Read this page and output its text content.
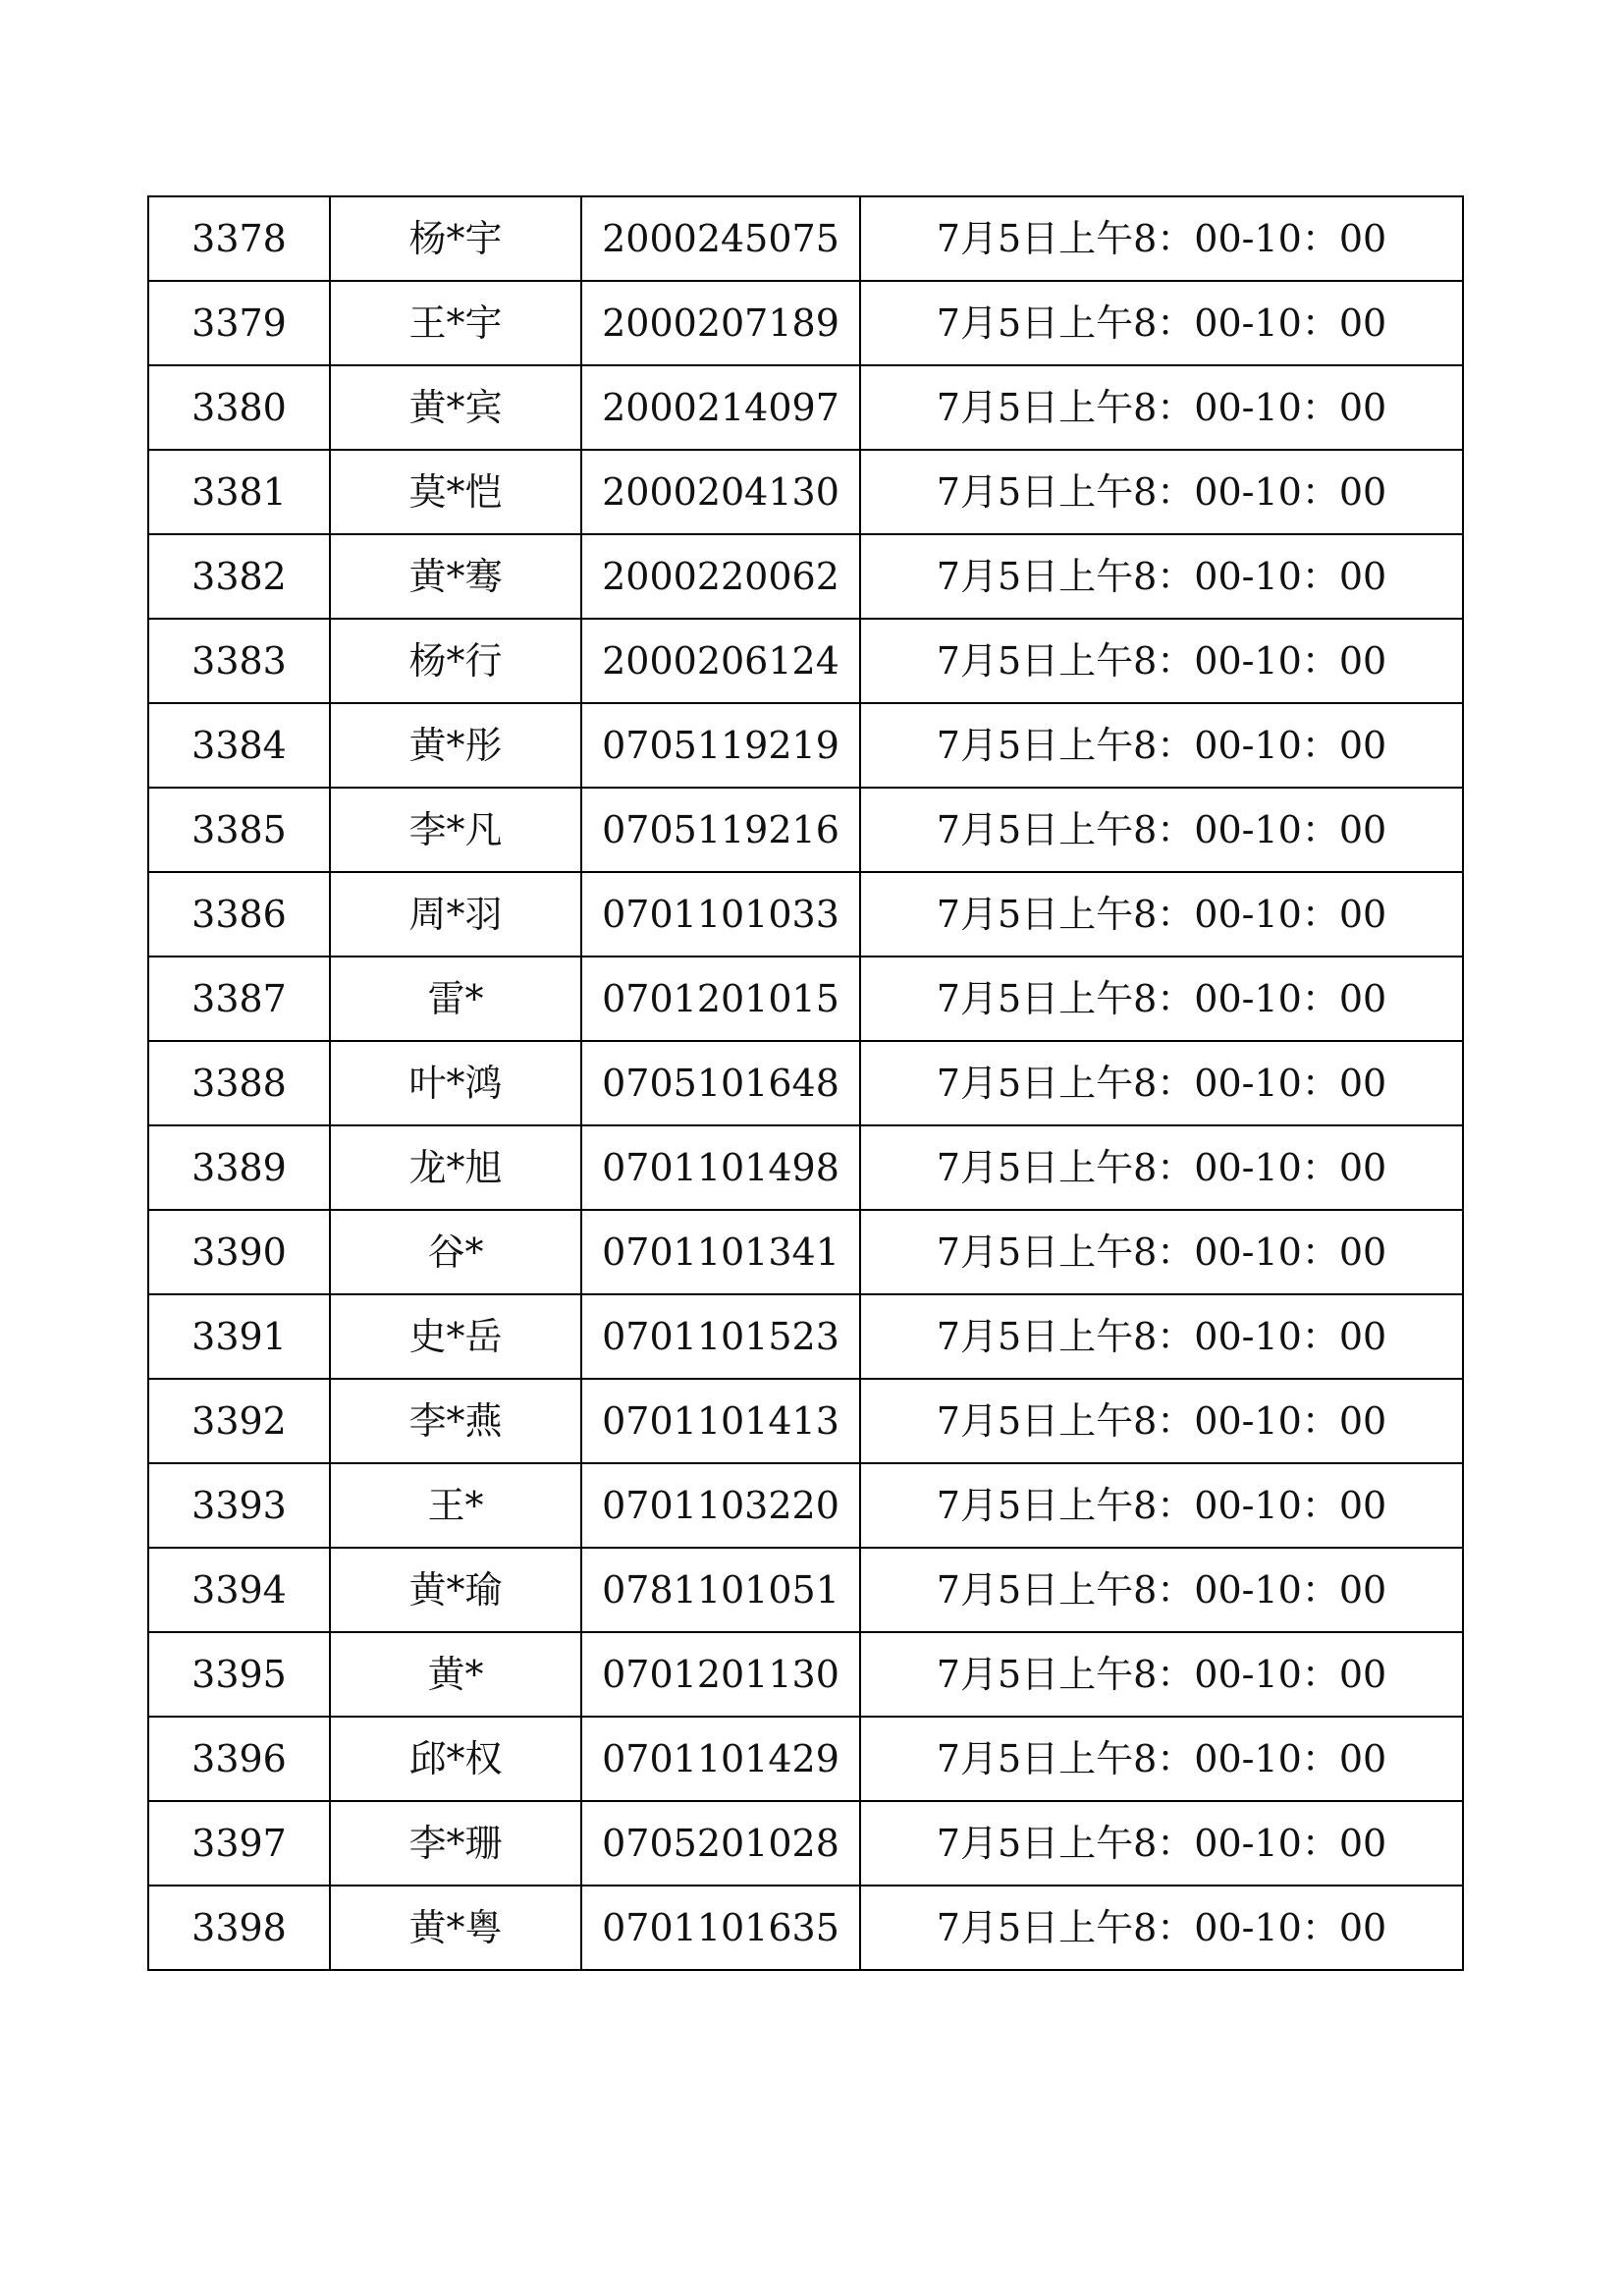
3378	杨*宇	2000245075	7月5日上午8：00-10：00
3379	王*宇	2000207189	7月5日上午8：00-10：00
3380	黄*宾	2000214097	7月5日上午8：00-10：00
3381	莫*恺	2000204130	7月5日上午8：00-10：00
3382	黄*骞	2000220062	7月5日上午8：00-10：00
3383	杨*行	2000206124	7月5日上午8：00-10：00
3384	黄*彤	0705119219	7月5日上午8：00-10：00
3385	李*凡	0705119216	7月5日上午8：00-10：00
3386	周*羽	0701101033	7月5日上午8：00-10：00
3387	雷*	0701201015	7月5日上午8：00-10：00
3388	叶*鸿	0705101648	7月5日上午8：00-10：00
3389	龙*旭	0701101498	7月5日上午8：00-10：00
3390	谷*	0701101341	7月5日上午8：00-10：00
3391	史*岳	0701101523	7月5日上午8：00-10：00
3392	李*燕	0701101413	7月5日上午8：00-10：00
3393	王*	0701103220	7月5日上午8：00-10：00
3394	黄*瑜	0781101051	7月5日上午8：00-10：00
3395	黄*	0701201130	7月5日上午8：00-10：00
3396	邱*权	0701101429	7月5日上午8：00-10：00
3397	李*珊	0705201028	7月5日上午8：00-10：00
3398	黄*粤	0701101635	7月5日上午8：00-10：00
